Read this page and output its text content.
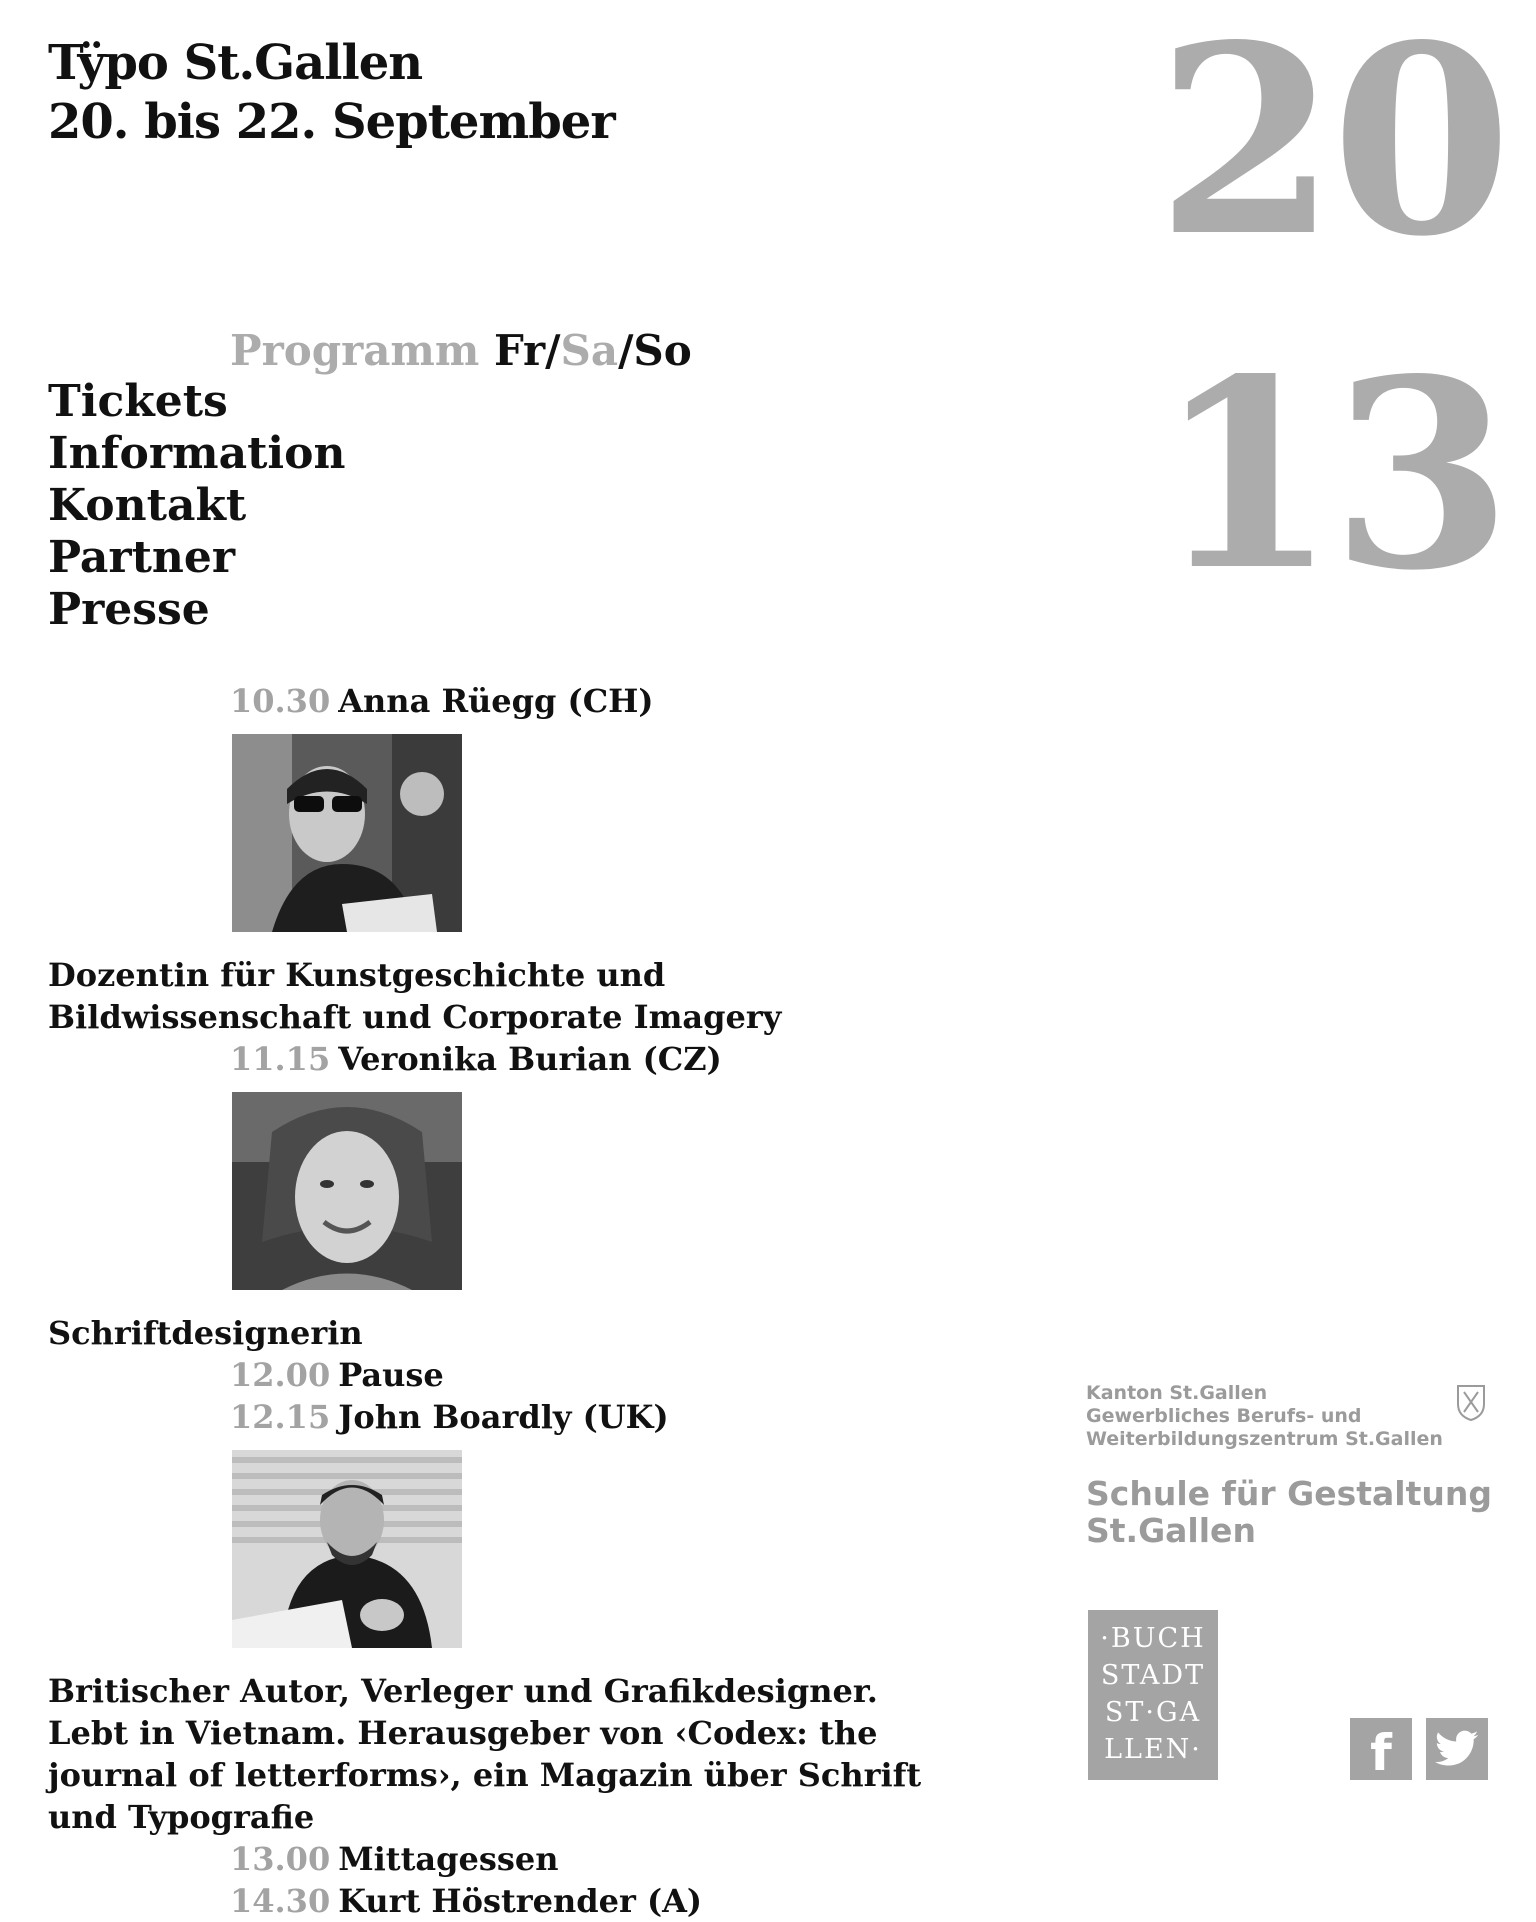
Tÿpo St.Gallen
20. bis 22. September	20
13
Programm Fr/Sa/So
Tickets
Information
Kontakt
Partner
Presse
10.30 Anna Rüegg (CH)

Dozentin für Kunstgeschichte und Bildwissenschaft und Corporate Imagery

11.15 Veronika Burian (CZ)

Schriftdesignerin

12.00 Pause
12.15 John Boardly (UK)

Britischer Autor, Verleger und Grafikdesigner. Lebt in Vietnam. Herausgeber von ‹Codex: the journal of letterforms›, ein Magazin über Schrift und Typografie

13.00 Mittagessen
14.30 Kurt Höstrender (A)
Kanton St.Gallen
Gewerbliches Berufs- und
Weiterbildungszentrum St.Gallen
Schule für Gestaltung
St.Gallen
·BUCH
STADT
ST·GA
LLEN·	f
